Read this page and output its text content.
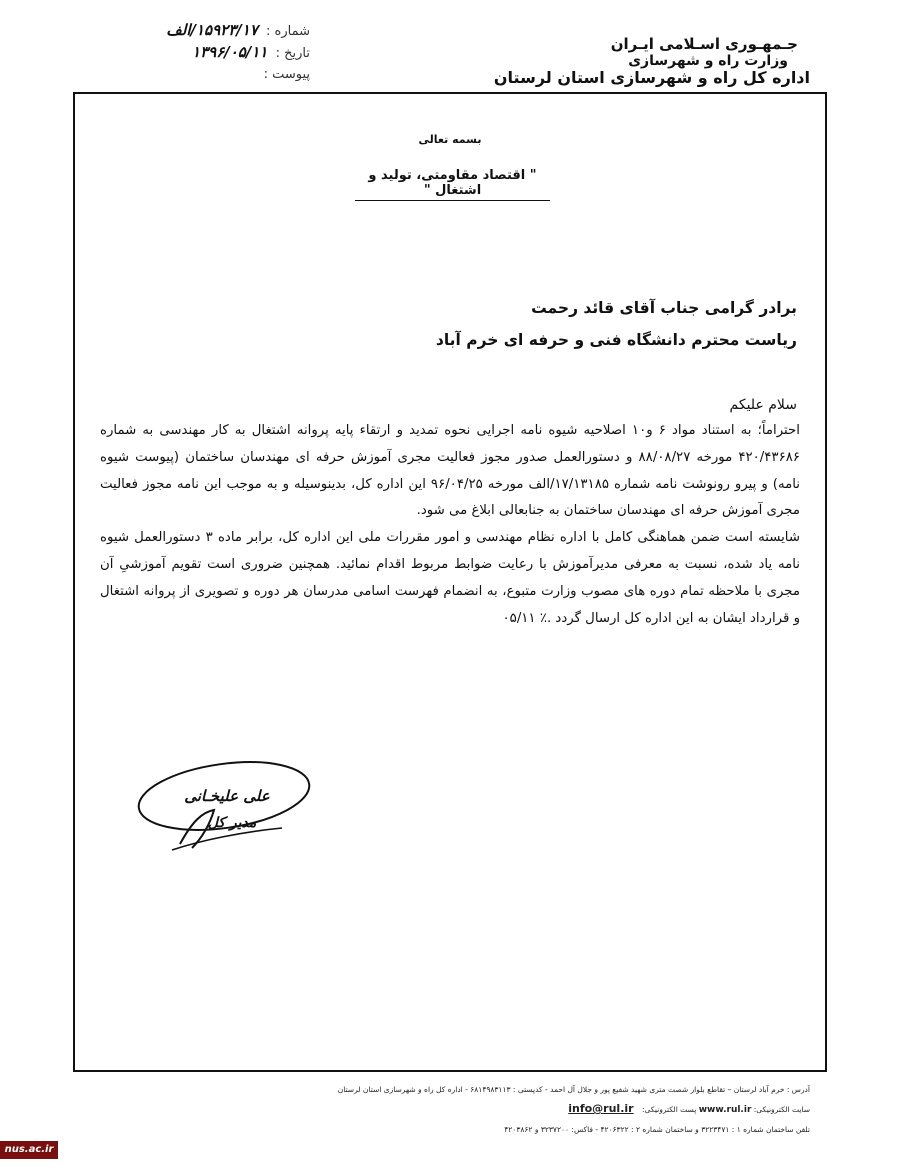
جـمهـوری اسـلامی ایـران
وزارت راه و شهرسازی
اداره کل راه و شهرسازی استان لرستان
شماره : ۱۵۹۲۳/۱۷/الف
تاریخ : ۱۳۹۶/۰۵/۱۱
پیوست :
بسمه تعالی
" اقتصاد مقاومتی، تولید و اشتغال "
برادر گرامی جناب آقای قائد رحمت
ریاست محترم دانشگاه فنی و حرفه ای خرم آباد
سلام علیکم

احتراماً؛ به استناد مواد ۶ و۱۰ اصلاحیه شیوه نامه اجرایی نحوه تمدید و ارتقاء پایه پروانه اشتغال به کار مهندسی به شماره ۴۲۰/۴۳۶۸۶ مورخه ۸۸/۰۸/۲۷ و دستورالعمل صدور مجوز فعالیت مجری آموزش حرفه ای مهندسان ساختمان (پیوست شیوه نامه) و پیرو رونوشت نامه شماره ۱۷/۱۳۱۸۵/الف مورخه ۹۶/۰۴/۲۵ این اداره کل، بدینوسیله و به موجب این نامه مجوز فعالیت مجری آموزش حرفه ای مهندسان ساختمان به جنابعالی ابلاغ می شود.

شایسته است ضمن هماهنگی کامل با اداره نظام مهندسی و امور مقررات ملی این اداره کل، برابر ماده ۳ دستورالعمل شیوه نامه یاد شده، نسبت به معرفی مدیرآموزش با رعایت ضوابط مربوط اقدام نمائید. همچنین ضروری است تقویم آموزشیِ آن مجری با ملاحظه تمام دوره های مصوب وزارت متبوع، به انضمام فهرست اسامی مدرسان هر دوره و تصویری از پروانه اشتغال و قرارداد ایشان به این اداره کل ارسال گردد .٪ ۰۵/۱۱

علی علیخـانی
مدیر کل
آدرس : خرم آباد لرستان – تقاطع بلوار شصت متری شهید شفیع پور و جلال آل احمد - کدپستی : ۶۸۱۴۹۸۳۱۱۳ - اداره کل راه و شهرسازی استان لرستان
سایت الکترونیکی: www.rul.ir پست الکترونیکی: info@rul.ir
تلفن ساختمان شماره ۱ : ۳۲۲۳۴۷۱ و ساختمان شماره ۲ : ۴۲۰۶۳۲۲ - فاکس: ۳۲۳۷۲۰۰ و ۴۲۰۳۸۶۲
nus.ac.ir
